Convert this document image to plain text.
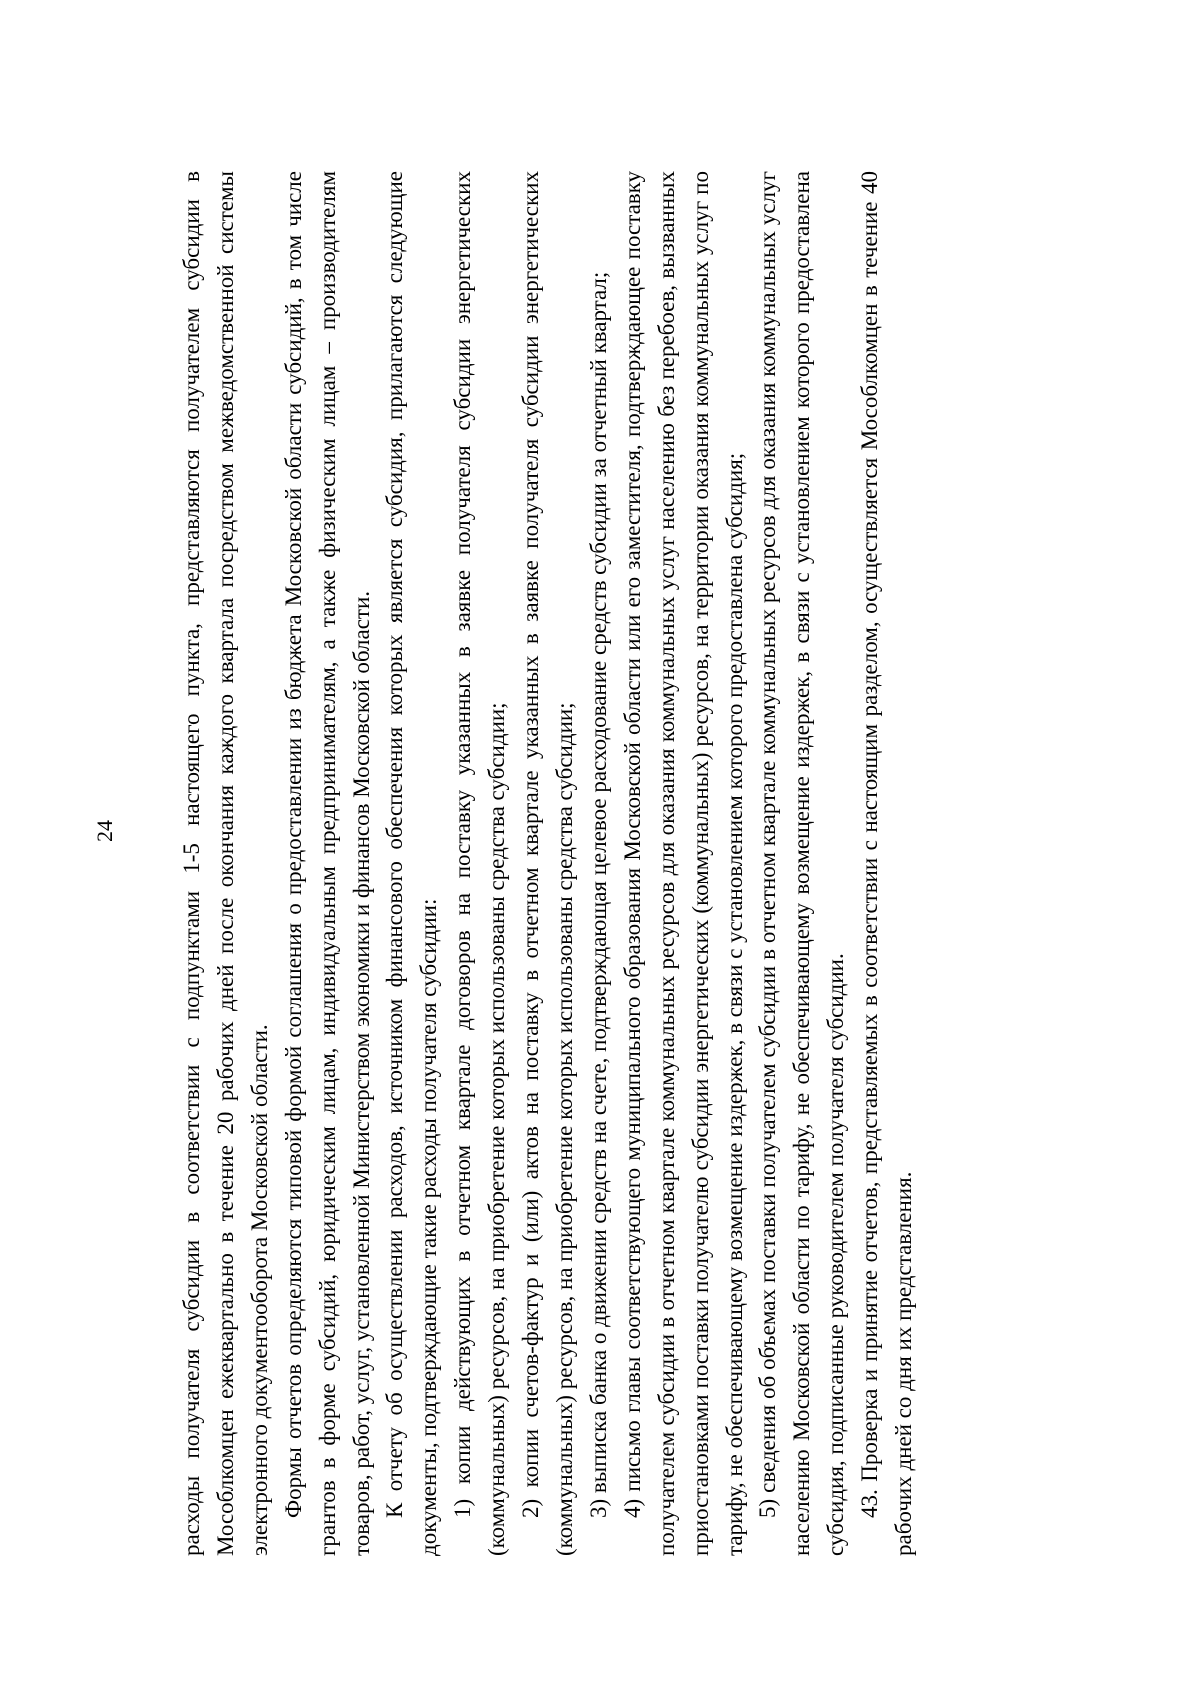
24	расходы получателя субсидии в соответствии с подпунктами 1-5 настоящего пункта, представляются получателем субсидии в Мособлкомцен ежеквартально в течение 20 рабочих дней после окончания каждого квартала посредством межведомственной системы электронного документооборота Московской области. Формы отчетов определяются типовой формой соглашения о предоставлении из бюджета Московской области субсидий, в том числе грантов в форме субсидий, юридическим лицам, индивидуальным предпринимателям, а также физическим лицам – производителям товаров, работ, услуг, установленной Министерством экономики и финансов Московской области. К отчету об осуществлении расходов, источником финансового обеспечения которых является субсидия, прилагаются следующие документы, подтверждающие такие расходы получателя субсидии: 1) копии действующих в отчетном квартале договоров на поставку указанных в заявке получателя субсидии энергетических (коммунальных) ресурсов, на приобретение которых использованы средства субсидии; 2) копии счетов-фактур и (или) актов на поставку в отчетном квартале указанных в заявке получателя субсидии энергетических (коммунальных) ресурсов, на приобретение которых использованы средства субсидии; 3) выписка банка о движении средств на счете, подтверждающая целевое расходование средств субсидии за отчетный квартал; 4) письмо главы соответствующего муниципального образования Московской области или его заместителя, подтверждающее поставку получателем субсидии в отчетном квартале коммунальных ресурсов для оказания коммунальных услуг населению без перебоев, вызванных приостановками поставки получателю субсидии энергетических (коммунальных) ресурсов, на территории оказания коммунальных услуг по тарифу, не обеспечивающему возмещение издержек, в связи с установлением которого предоставлена субсидия; 5) сведения об объемах поставки получателем субсидии в отчетном квартале коммунальных ресурсов для оказания коммунальных услуг населению Московской области по тарифу, не обеспечивающему возмещение издержек, в связи с установлением которого предоставлена субсидия, подписанные руководителем получателя субсидии. 43. Проверка и принятие отчетов, представляемых в соответствии с настоящим разделом, осуществляется Мособлкомцен в течение 40 рабочих дней со дня их представления.
